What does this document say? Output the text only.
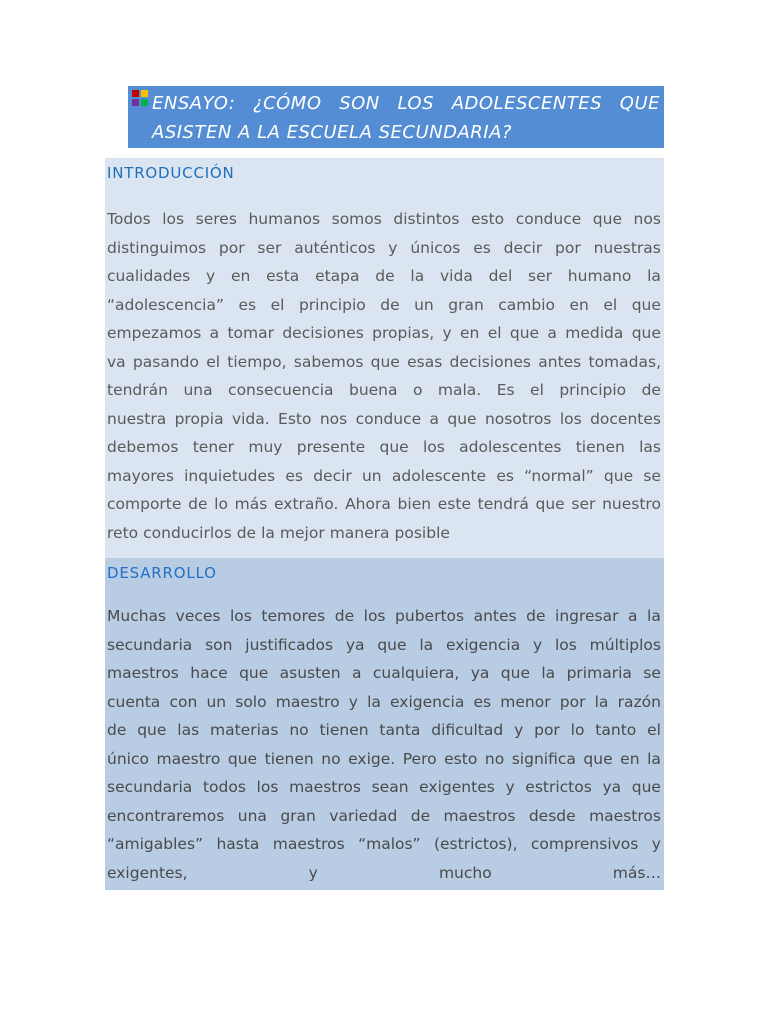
ENSAYO: ¿CÓMO SON LOS ADOLESCENTES QUE
ASISTEN A LA ESCUELA SECUNDARIA?
INTRODUCCIÓN
Todos los seres humanos somos distintos esto conduce que nos
distinguimos por ser auténticos y únicos es decir por nuestras
cualidades y en esta etapa de la vida del ser humano la
“adolescencia” es el principio de un gran cambio en el que
empezamos a tomar decisiones propias, y en el que a medida que
va pasando el tiempo, sabemos que esas decisiones antes tomadas,
tendrán una consecuencia buena o mala. Es el principio de
nuestra propia vida. Esto nos conduce a que nosotros los docentes
debemos tener muy presente que los adolescentes tienen las
mayores inquietudes es decir un adolescente es “normal” que se
comporte de lo más extraño. Ahora bien este tendrá que ser nuestro
reto conducirlos de la mejor manera posible
DESARROLLO
Muchas veces los temores de los pubertos antes de ingresar a la
secundaria son justificados ya que la exigencia y los múltiplos
maestros hace que asusten a cualquiera, ya que la primaria se
cuenta con un solo maestro y la exigencia es menor por la razón
de que las materias no tienen tanta dificultad y por lo tanto el
único maestro que tienen no exige. Pero esto no significa que en la
secundaria todos los maestros sean exigentes y estrictos ya que
encontraremos una gran variedad de maestros desde maestros
“amigables” hasta maestros “malos” (estrictos), comprensivos y
exigentes,	y	mucho	más…
